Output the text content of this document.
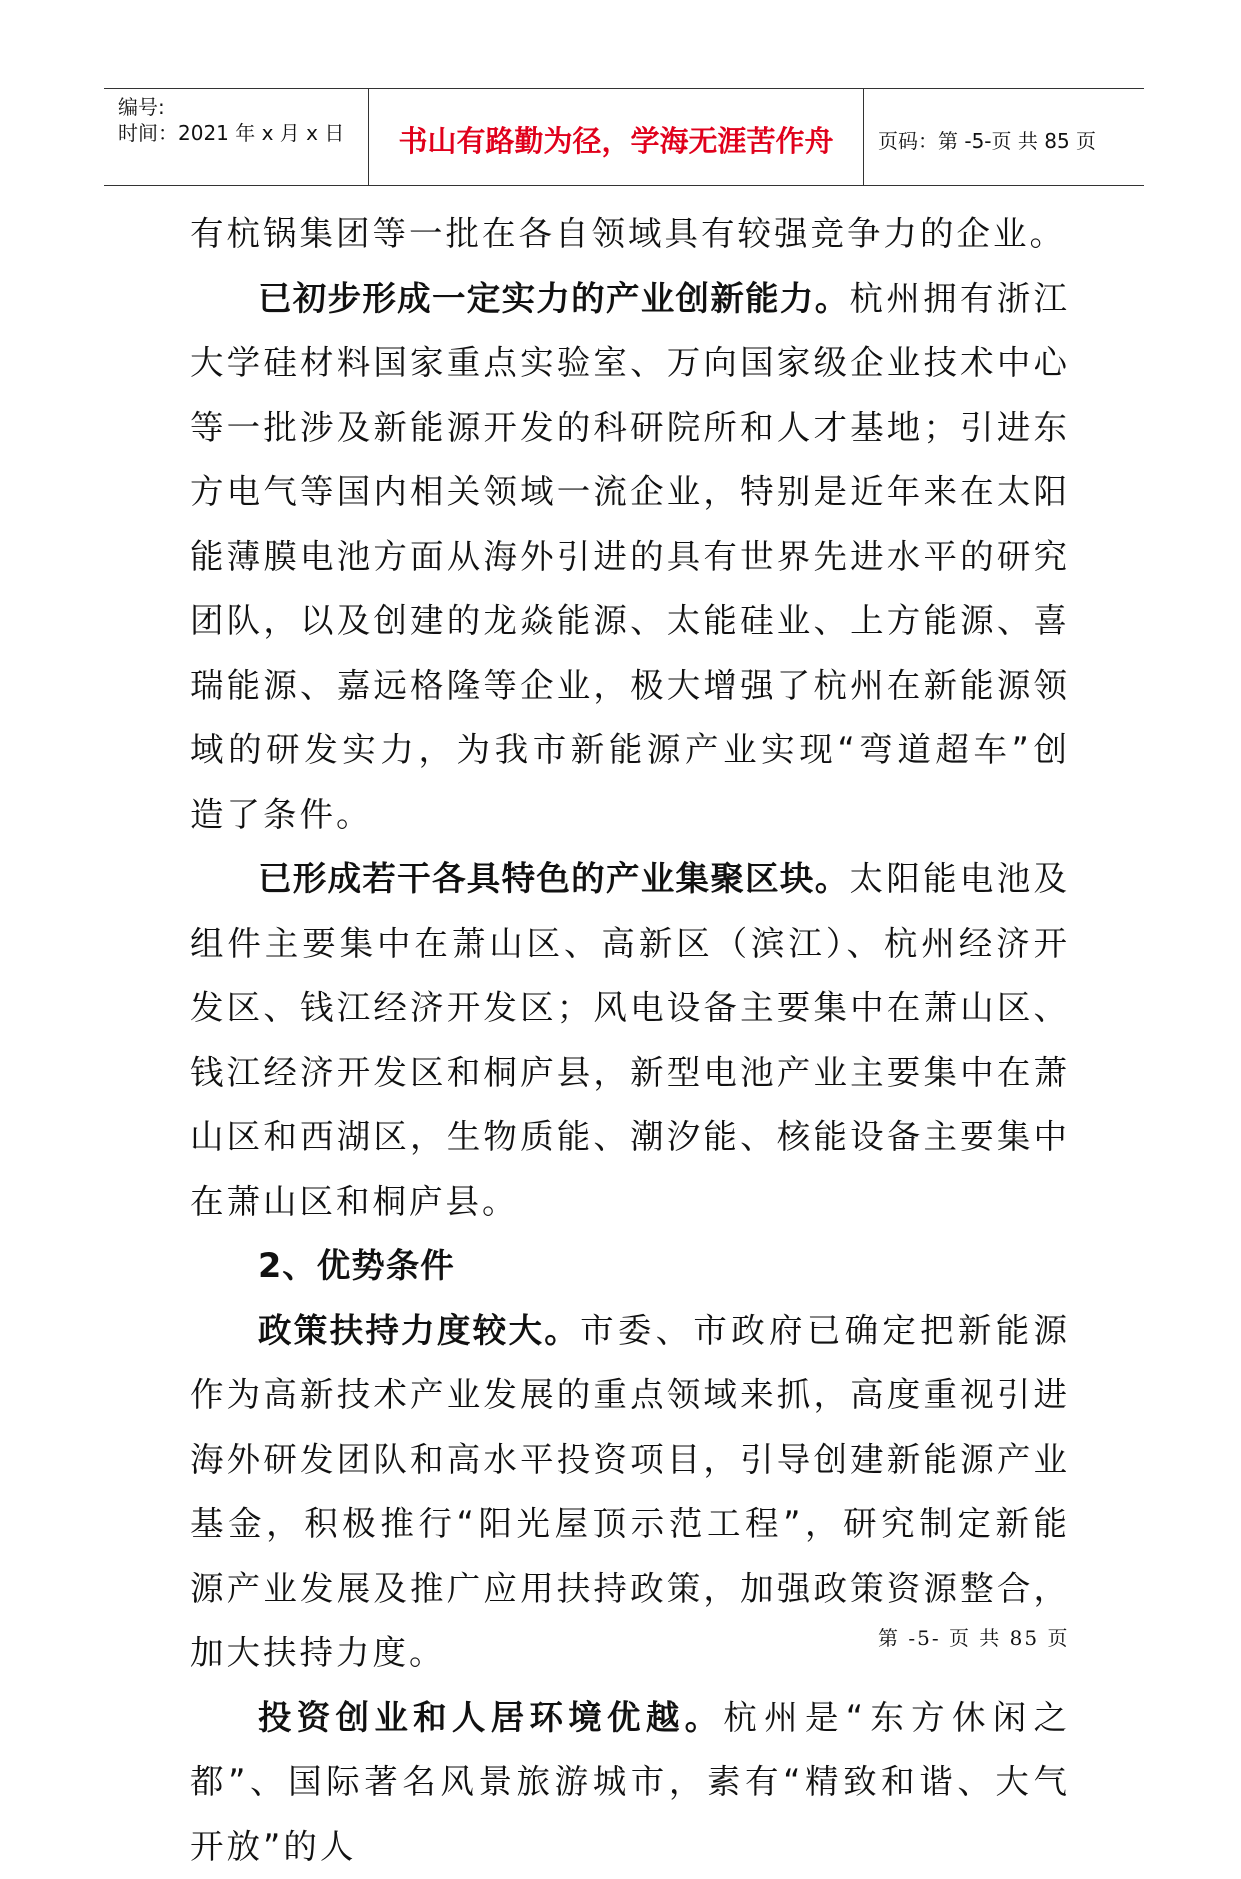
编号:
时间：2021 年 x 月 x 日	书山有路勤为径，学海无涯苦作舟	页码：第 -5-页 共 85 页

有杭锅集团等一批在各自领域具有较强竞争力的企业。

已初步形成一定实力的产业创新能力。杭州拥有浙江大学硅材料国家重点实验室、万向国家级企业技术中心等一批涉及新能源开发的科研院所和人才基地；引进东方电气等国内相关领域一流企业，特别是近年来在太阳能薄膜电池方面从海外引进的具有世界先进水平的研究团队，以及创建的龙焱能源、太能硅业、上方能源、喜瑞能源、嘉远格隆等企业，极大增强了杭州在新能源领域的研发实力，为我市新能源产业实现“弯道超车”创造了条件。

已形成若干各具特色的产业集聚区块。太阳能电池及组件主要集中在萧山区、高新区（滨江）、杭州经济开发区、钱江经济开发区；风电设备主要集中在萧山区、钱江经济开发区和桐庐县，新型电池产业主要集中在萧山区和西湖区，生物质能、潮汐能、核能设备主要集中在萧山区和桐庐县。

2、优势条件

政策扶持力度较大。市委、市政府已确定把新能源作为高新技术产业发展的重点领域来抓，高度重视引进海外研发团队和高水平投资项目，引导创建新能源产业基金，积极推行“阳光屋顶示范工程”，研究制定新能源产业发展及推广应用扶持政策，加强政策资源整合，加大扶持力度。

投资创业和人居环境优越。杭州是“东方休闲之都”、国际著名风景旅游城市，素有“精致和谐、大气开放”的人

第 -5- 页 共 85 页
